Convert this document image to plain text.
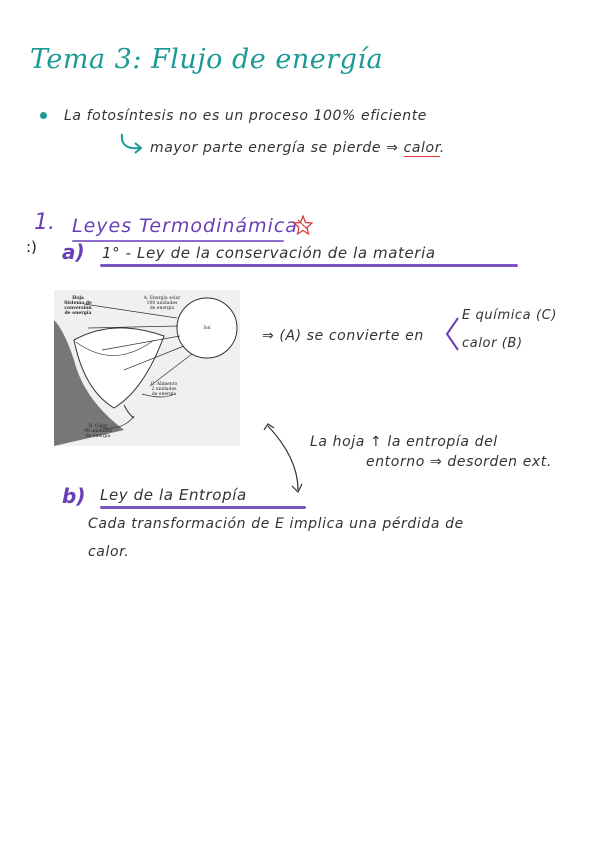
Tema 3: Flujo de energía
La fotosíntesis no es un proceso 100% eficiente
mayor parte energía se pierde ⇒ calor.
1. Leyes Termodinámica
:) a) 1° - Ley de la conservación de la materia
Hoja
Sistema de
conversión
de energía
A. Energía solar
100 unidades
de energía
Sol
C. Alimento
2 unidades
de energía
B. Calor
98 unidades
de energía
⇒ (A) se convierte en
E química (C)
calor (B)
La hoja ↑ la entropía del
entorno ⇒ desorden ext.
b) Ley de la Entropía
Cada transformación de E implica una pérdida de
calor.
